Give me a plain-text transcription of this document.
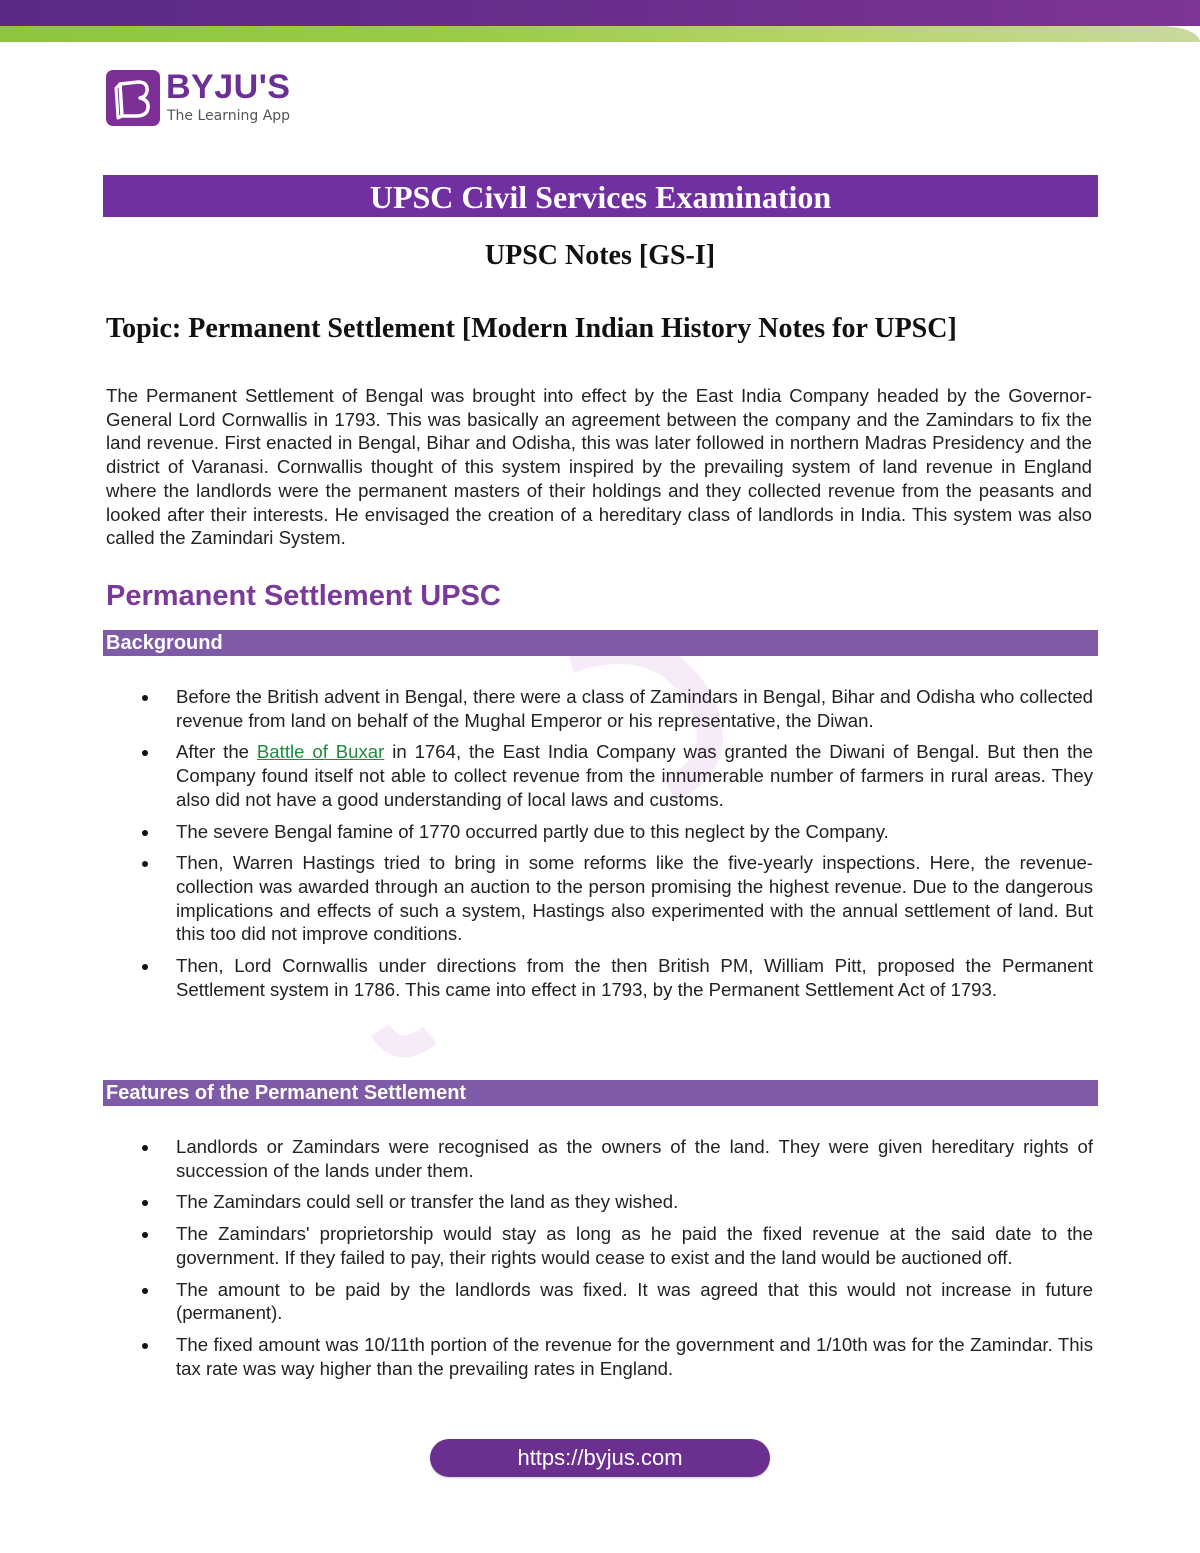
BYJU'S
The Learning App
UPSC Civil Services Examination
UPSC Notes [GS-I]
Topic: Permanent Settlement [Modern Indian History Notes for UPSC]

The Permanent Settlement of Bengal was brought into effect by the East India Company headed by the Governor-General Lord Cornwallis in 1793. This was basically an agreement between the company and the Zamindars to fix the land revenue. First enacted in Bengal, Bihar and Odisha, this was later followed in northern Madras Presidency and the district of Varanasi. Cornwallis thought of this system inspired by the prevailing system of land revenue in England where the landlords were the permanent masters of their holdings and they collected revenue from the peasants and looked after their interests. He envisaged the creation of a hereditary class of landlords in India. This system was also called the Zamindari System.

Permanent Settlement UPSC
Background
Before the British advent in Bengal, there were a class of Zamindars in Bengal, Bihar and Odisha who collected revenue from land on behalf of the Mughal Emperor or his representative, the Diwan.
After the Battle of Buxar in 1764, the East India Company was granted the Diwani of Bengal. But then the Company found itself not able to collect revenue from the innumerable number of farmers in rural areas. They also did not have a good understanding of local laws and customs.
The severe Bengal famine of 1770 occurred partly due to this neglect by the Company.
Then, Warren Hastings tried to bring in some reforms like the five-yearly inspections. Here, the revenue-collection was awarded through an auction to the person promising the highest revenue. Due to the dangerous implications and effects of such a system, Hastings also experimented with the annual settlement of land. But this too did not improve conditions.
Then, Lord Cornwallis under directions from the then British PM, William Pitt, proposed the Permanent Settlement system in 1786. This came into effect in 1793, by the Permanent Settlement Act of 1793.
Features of the Permanent Settlement
Landlords or Zamindars were recognised as the owners of the land. They were given hereditary rights of succession of the lands under them.
The Zamindars could sell or transfer the land as they wished.
The Zamindars' proprietorship would stay as long as he paid the fixed revenue at the said date to the government. If they failed to pay, their rights would cease to exist and the land would be auctioned off.
The amount to be paid by the landlords was fixed. It was agreed that this would not increase in future (permanent).
The fixed amount was 10/11th portion of the revenue for the government and 1/10th was for the Zamindar. This tax rate was way higher than the prevailing rates in England.
https://byjus.com
